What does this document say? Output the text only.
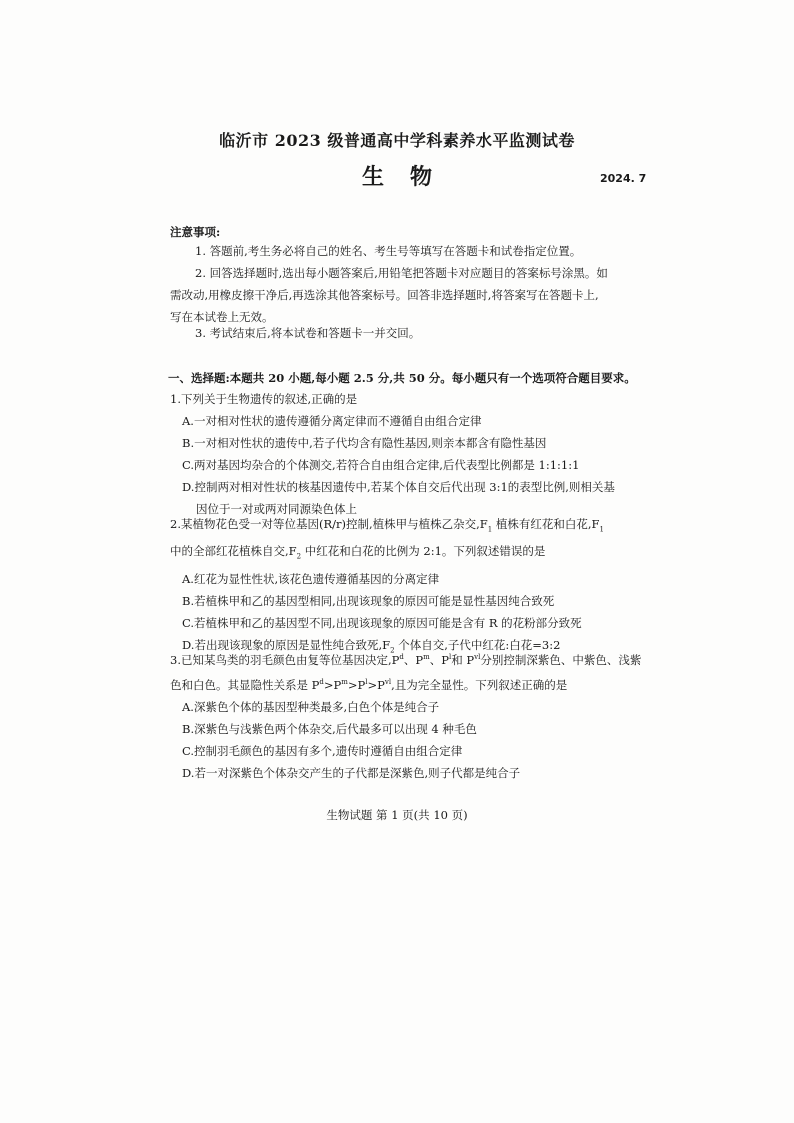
临沂市 2023 级普通高中学科素养水平监测试卷
生物	2024. 7
注意事项:
1. 答题前,考生务必将自己的姓名、考生号等填写在答题卡和试卷指定位置。
2. 回答选择题时,选出每小题答案后,用铅笔把答题卡对应题目的答案标号涂黑。如
需改动,用橡皮擦干净后,再选涂其他答案标号。回答非选择题时,将答案写在答题卡上,
写在本试卷上无效。
3. 考试结束后,将本试卷和答题卡一并交回。
一、选择题:本题共 20 小题,每小题 2.5 分,共 50 分。每小题只有一个选项符合题目要求。
1.下列关于生物遗传的叙述,正确的是
A.一对相对性状的遗传遵循分离定律而不遵循自由组合定律
B.一对相对性状的遗传中,若子代均含有隐性基因,则亲本都含有隐性基因
C.两对基因均杂合的个体测交,若符合自由组合定律,后代表型比例都是 1:1:1:1
D.控制两对相对性状的核基因遗传中,若某个体自交后代出现 3:1的表型比例,则相关基
因位于一对或两对同源染色体上
2.某植物花色受一对等位基因(R/r)控制,植株甲与植株乙杂交$,F_1$ 植株有红花和白花$,F_1$
中的全部红花植株自交$,F_2$ 中红花和白花的比例为 2:1。下列叙述错误的是
A.红花为显性性状,该花色遗传遵循基因的分离定律
B.若植株甲和乙的基因型相同,出现该现象的原因可能是显性基因纯合致死
C.若植株甲和乙的基因型不同,出现该现象的原因可能是含有 R 的花粉部分致死
D.若出现该现象的原因是显性纯合致死$,F_2$ 个体自交,子代中红花:白花=3:2
3.已知某鸟类的羽毛颜色由复等位基因决定$,P^d$、$P^m$、$P^l$和 $P^{vl}$分别控制深紫色、中紫色、浅紫
色和白色。其显隐性关系是 $P^d>P^m>P^l>P^{vl}$,且为完全显性。下列叙述正确的是
A.深紫色个体的基因型种类最多,白色个体是纯合子
B.深紫色与浅紫色两个体杂交,后代最多可以出现 4 种毛色
C.控制羽毛颜色的基因有多个,遗传时遵循自由组合定律
D.若一对深紫色个体杂交产生的子代都是深紫色,则子代都是纯合子
生物试题 第 1 页(共 10 页)
